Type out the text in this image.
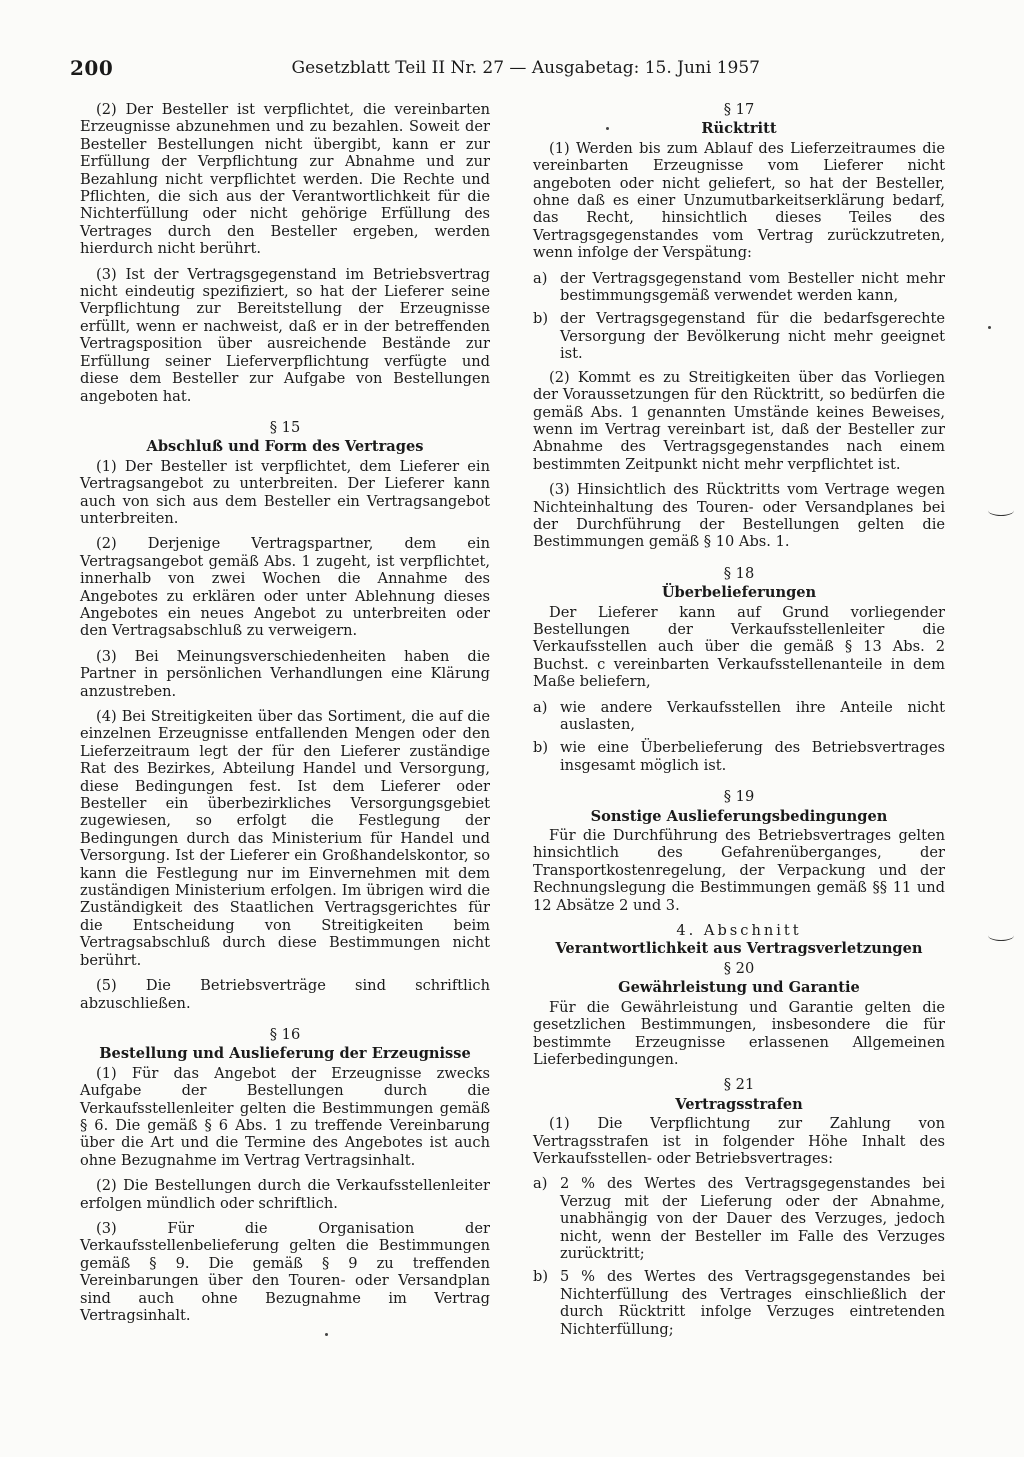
200	Gesetzblatt Teil II Nr. 27 — Ausgabetag: 15. Juni 1957

(2) Der Besteller ist verpflichtet, die vereinbarten Erzeugnisse abzunehmen und zu bezahlen. Soweit der Besteller Bestellungen nicht übergibt, kann er zur Erfüllung der Verpflichtung zur Abnahme und zur Bezahlung nicht verpflichtet werden. Die Rechte und Pflichten, die sich aus der Verantwortlichkeit für die Nichterfüllung oder nicht gehörige Erfüllung des Vertrages durch den Besteller ergeben, werden hierdurch nicht berührt.

(3) Ist der Vertragsgegenstand im Betriebsvertrag nicht eindeutig spezifiziert, so hat der Lieferer seine Verpflichtung zur Bereitstellung der Erzeugnisse erfüllt, wenn er nachweist, daß er in der betreffenden Vertragsposition über ausreichende Bestände zur Erfüllung seiner Lieferverpflichtung verfügte und diese dem Besteller zur Aufgabe von Bestellungen angeboten hat.

§ 15
Abschluß und Form des Vertrages

(1) Der Besteller ist verpflichtet, dem Lieferer ein Vertragsangebot zu unterbreiten. Der Lieferer kann auch von sich aus dem Besteller ein Vertragsangebot unterbreiten.

(2) Derjenige Vertragspartner, dem ein Vertragsangebot gemäß Abs. 1 zugeht, ist verpflichtet, innerhalb von zwei Wochen die Annahme des Angebotes zu erklären oder unter Ablehnung dieses Angebotes ein neues Angebot zu unterbreiten oder den Vertragsabschluß zu verweigern.

(3) Bei Meinungsverschiedenheiten haben die Partner in persönlichen Verhandlungen eine Klärung anzustreben.

(4) Bei Streitigkeiten über das Sortiment, die auf die einzelnen Erzeugnisse entfallenden Mengen oder den Lieferzeitraum legt der für den Lieferer zuständige Rat des Bezirkes, Abteilung Handel und Versorgung, diese Bedingungen fest. Ist dem Lieferer oder Besteller ein überbezirkliches Versorgungsgebiet zugewiesen, so erfolgt die Festlegung der Bedingungen durch das Ministerium für Handel und Versorgung. Ist der Lieferer ein Großhandelskontor, so kann die Festlegung nur im Einvernehmen mit dem zuständigen Ministerium erfolgen. Im übrigen wird die Zuständigkeit des Staatlichen Vertragsgerichtes für die Entscheidung von Streitigkeiten beim Vertragsabschluß durch diese Bestimmungen nicht berührt.

(5) Die Betriebsverträge sind schriftlich abzuschließen.

§ 16
Bestellung und Auslieferung der Erzeugnisse

(1) Für das Angebot der Erzeugnisse zwecks Aufgabe der Bestellungen durch die Verkaufsstellenleiter gelten die Bestimmungen gemäß § 6. Die gemäß § 6 Abs. 1 zu treffende Vereinbarung über die Art und die Termine des Angebotes ist auch ohne Bezugnahme im Vertrag Vertragsinhalt.

(2) Die Bestellungen durch die Verkaufsstellenleiter erfolgen mündlich oder schriftlich.

(3) Für die Organisation der Verkaufsstellenbelieferung gelten die Bestimmungen gemäß § 9. Die gemäß § 9 zu treffenden Vereinbarungen über den Touren- oder Versandplan sind auch ohne Bezugnahme im Vertrag Vertragsinhalt.

§ 17
Rücktritt

(1) Werden bis zum Ablauf des Lieferzeitraumes die vereinbarten Erzeugnisse vom Lieferer nicht angeboten oder nicht geliefert, so hat der Besteller, ohne daß es einer Unzumutbarkeitserklärung bedarf, das Recht, hinsichtlich dieses Teiles des Vertragsgegenstandes vom Vertrag zurückzutreten, wenn infolge der Verspätung:

a) der Vertragsgegenstand vom Besteller nicht mehr bestimmungsgemäß verwendet werden kann,
b) der Vertragsgegenstand für die bedarfsgerechte Versorgung der Bevölkerung nicht mehr geeignet ist.

(2) Kommt es zu Streitigkeiten über das Vorliegen der Voraussetzungen für den Rücktritt, so bedürfen die gemäß Abs. 1 genannten Umstände keines Beweises, wenn im Vertrag vereinbart ist, daß der Besteller zur Abnahme des Vertragsgegenstandes nach einem bestimmten Zeitpunkt nicht mehr verpflichtet ist.

(3) Hinsichtlich des Rücktritts vom Vertrage wegen Nichteinhaltung des Touren- oder Versandplanes bei der Durchführung der Bestellungen gelten die Bestimmungen gemäß § 10 Abs. 1.

§ 18
Überbelieferungen

Der Lieferer kann auf Grund vorliegender Bestellungen der Verkaufsstellenleiter die Verkaufsstellen auch über die gemäß § 13 Abs. 2 Buchst. c vereinbarten Verkaufsstellenanteile in dem Maße beliefern,

a) wie andere Verkaufsstellen ihre Anteile nicht auslasten,
b) wie eine Überbelieferung des Betriebsvertrages insgesamt möglich ist.
§ 19
Sonstige Auslieferungsbedingungen

Für die Durchführung des Betriebsvertrages gelten hinsichtlich des Gefahrenüberganges, der Transportkostenregelung, der Verpackung und der Rechnungslegung die Bestimmungen gemäß §§ 11 und 12 Absätze 2 und 3.

4. Abschnitt
Verantwortlichkeit aus Vertragsverletzungen
§ 20
Gewährleistung und Garantie

Für die Gewährleistung und Garantie gelten die gesetzlichen Bestimmungen, insbesondere die für bestimmte Erzeugnisse erlassenen Allgemeinen Lieferbedingungen.

§ 21
Vertragsstrafen

(1) Die Verpflichtung zur Zahlung von Vertragsstrafen ist in folgender Höhe Inhalt des Verkaufsstellen- oder Betriebsvertrages:

a) 2 % des Wertes des Vertragsgegenstandes bei Verzug mit der Lieferung oder der Abnahme, unabhängig von der Dauer des Verzuges, jedoch nicht, wenn der Besteller im Falle des Verzuges zurücktritt;
b) 5 % des Wertes des Vertragsgegenstandes bei Nichterfüllung des Vertrages einschließlich der durch Rücktritt infolge Verzuges eintretenden Nichterfüllung;
